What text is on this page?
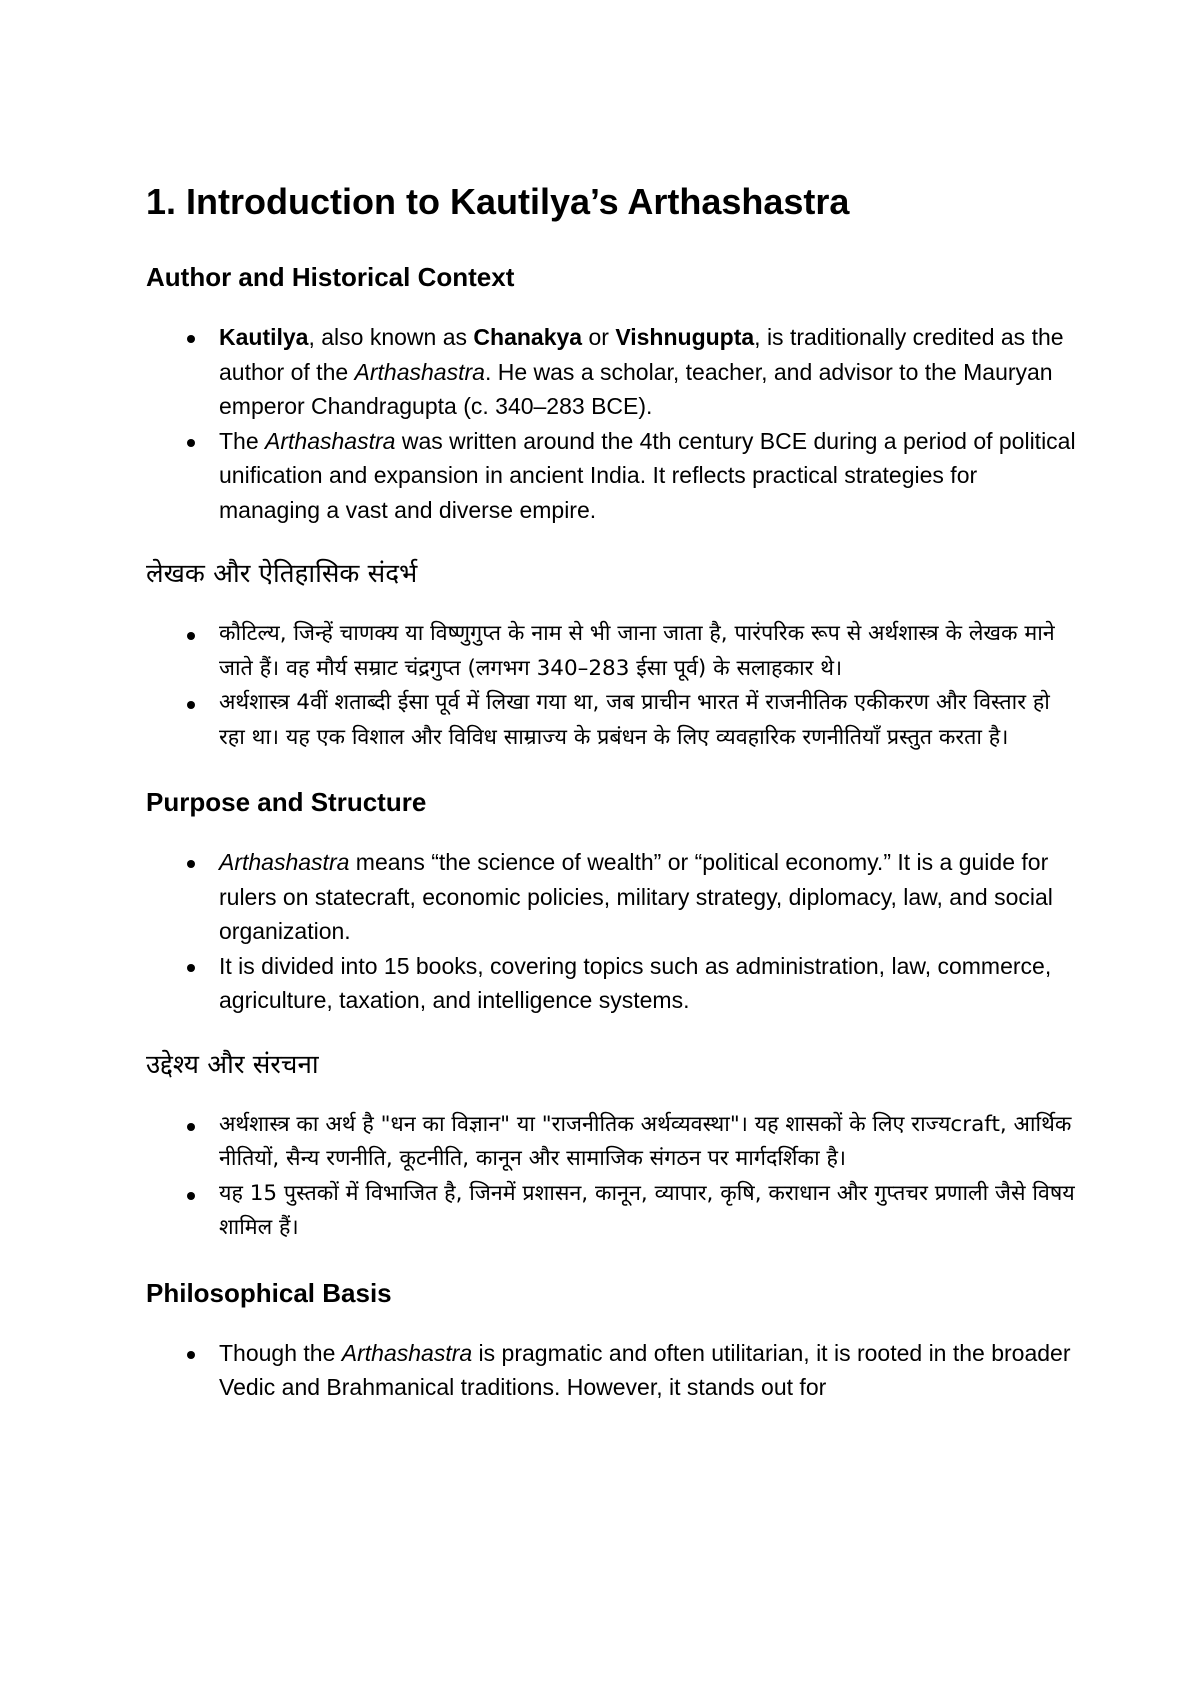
1. Introduction to Kautilya’s Arthashastra
Author and Historical Context
Kautilya, also known as Chanakya or Vishnugupta, is traditionally credited as the author of the Arthashastra. He was a scholar, teacher, and advisor to the Mauryan emperor Chandragupta (c. 340–283 BCE).
The Arthashastra was written around the 4th century BCE during a period of political unification and expansion in ancient India. It reflects practical strategies for managing a vast and diverse empire.
लेखक और ऐतिहासिक संदर्भ
कौटिल्य, जिन्हें चाणक्य या विष्णुगुप्त के नाम से भी जाना जाता है, पारंपरिक रूप से अर्थशास्त्र के लेखक माने जाते हैं। वह मौर्य सम्राट चंद्रगुप्त (लगभग 340–283 ईसा पूर्व) के सलाहकार थे।
अर्थशास्त्र 4वीं शताब्दी ईसा पूर्व में लिखा गया था, जब प्राचीन भारत में राजनीतिक एकीकरण और विस्तार हो रहा था। यह एक विशाल और विविध साम्राज्य के प्रबंधन के लिए व्यवहारिक रणनीतियाँ प्रस्तुत करता है।
Purpose and Structure
Arthashastra means “the science of wealth” or “political economy.” It is a guide for rulers on statecraft, economic policies, military strategy, diplomacy, law, and social organization.
It is divided into 15 books, covering topics such as administration, law, commerce, agriculture, taxation, and intelligence systems.
उद्देश्य और संरचना
अर्थशास्त्र का अर्थ है "धन का विज्ञान" या "राजनीतिक अर्थव्यवस्था"। यह शासकों के लिए राज्यcraft, आर्थिक नीतियों, सैन्य रणनीति, कूटनीति, कानून और सामाजिक संगठन पर मार्गदर्शिका है।
यह 15 पुस्तकों में विभाजित है, जिनमें प्रशासन, कानून, व्यापार, कृषि, कराधान और गुप्तचर प्रणाली जैसे विषय शामिल हैं।
Philosophical Basis
Though the Arthashastra is pragmatic and often utilitarian, it is rooted in the broader Vedic and Brahmanical traditions. However, it stands out for
